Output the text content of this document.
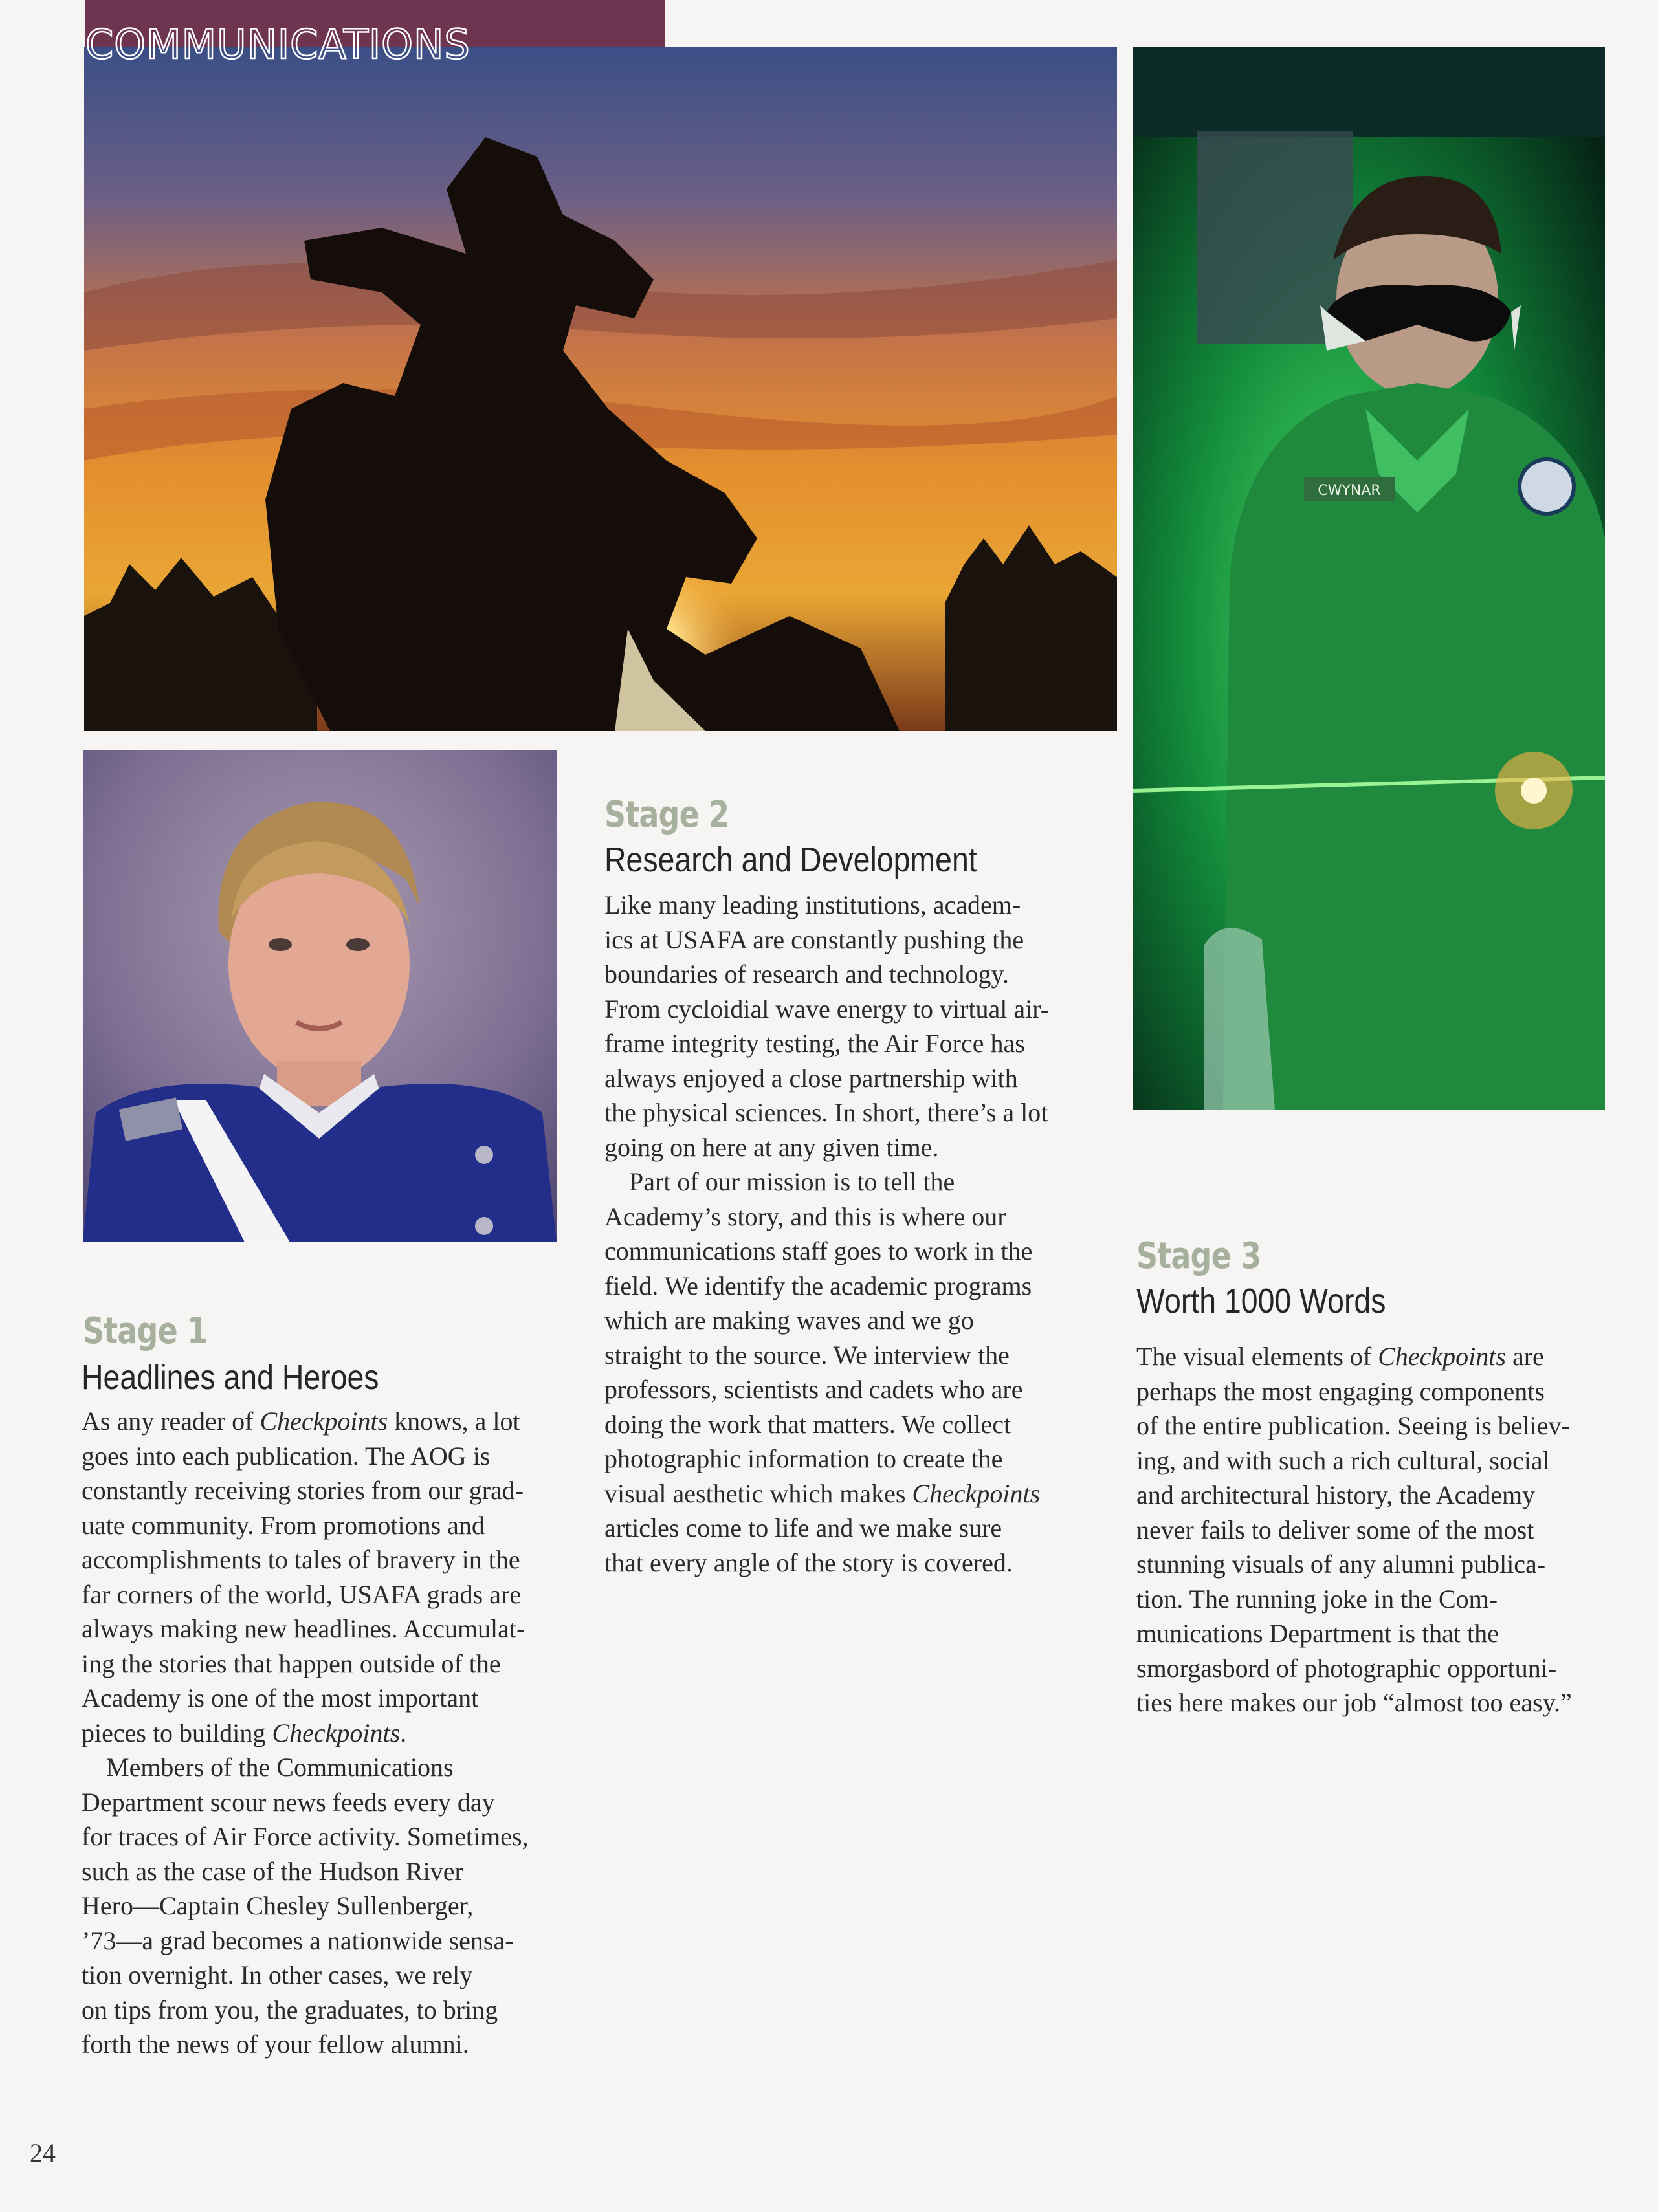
COMMUNICATIONS
CWYNAR
Stage 1
Headlines and Heroes

As any reader of Checkpoints knows, a lot
goes into each publication. The AOG is
constantly receiving stories from our grad-
uate community. From promotions and
accomplishments to tales of bravery in the
far corners of the world, USAFA grads are
always making new headlines. Accumulat-
ing the stories that happen outside of the
Academy is one of the most important
pieces to building Checkpoints.

Members of the Communications
Department scour news feeds every day
for traces of Air Force activity. Sometimes,
such as the case of the Hudson River
Hero—Captain Chesley Sullenberger,
’73—a grad becomes a nationwide sensa-
tion overnight. In other cases, we rely
on tips from you, the graduates, to bring
forth the news of your fellow alumni.

Stage 2
Research and Development

Like many leading institutions, academ-
ics at USAFA are constantly pushing the
boundaries of research and technology.
From cycloidial wave energy to virtual air-
frame integrity testing, the Air Force has
always enjoyed a close partnership with
the physical sciences. In short, there’s a lot
going on here at any given time.

Part of our mission is to tell the
Academy’s story, and this is where our
communications staff goes to work in the
field. We identify the academic programs
which are making waves and we go
straight to the source. We interview the
professors, scientists and cadets who are
doing the work that matters. We collect
photographic information to create the
visual aesthetic which makes Checkpoints
articles come to life and we make sure
that every angle of the story is covered.

Stage 3
Worth 1000 Words

The visual elements of Checkpoints are
perhaps the most engaging components
of the entire publication. Seeing is believ-
ing, and with such a rich cultural, social
and architectural history, the Academy
never fails to deliver some of the most
stunning visuals of any alumni publica-
tion. The running joke in the Com-
munications Department is that the
smorgasbord of photographic opportuni-
ties here makes our job “almost too easy.”

24
